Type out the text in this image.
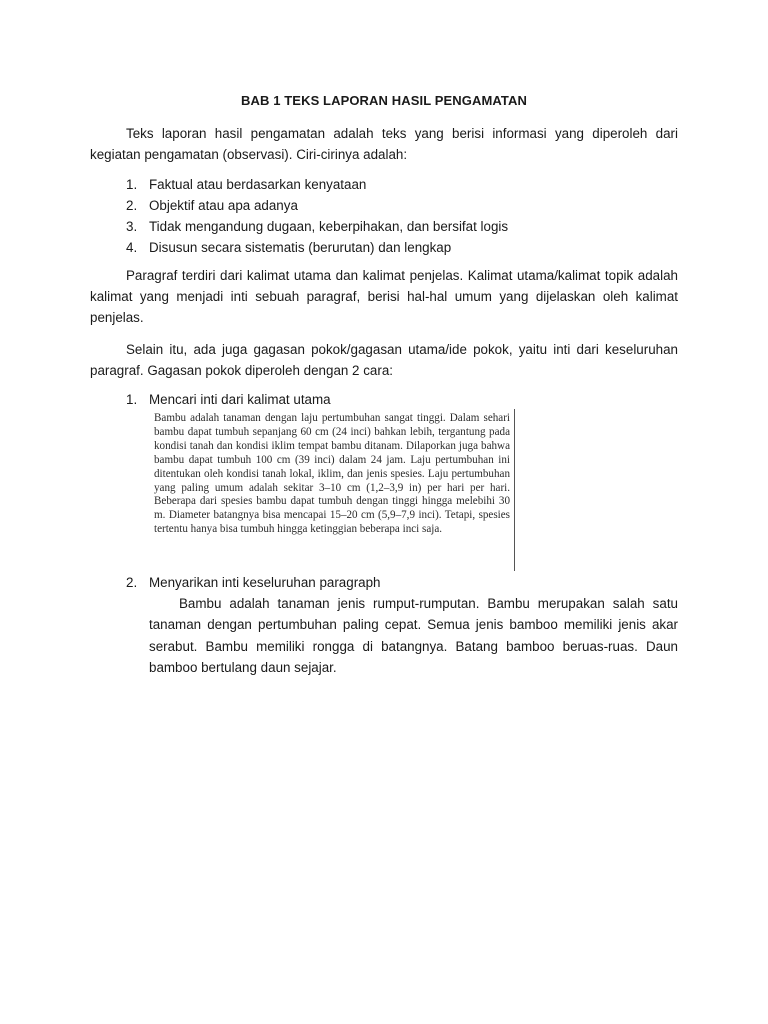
BAB 1 TEKS LAPORAN HASIL PENGAMATAN

Teks laporan hasil pengamatan adalah teks yang berisi informasi yang diperoleh dari kegiatan pengamatan (observasi). Ciri-cirinya adalah:

1. Faktual atau berdasarkan kenyataan
2. Objektif atau apa adanya
3. Tidak mengandung dugaan, keberpihakan, dan bersifat logis
4. Disusun secara sistematis (berurutan) dan lengkap

Paragraf terdiri dari kalimat utama dan kalimat penjelas. Kalimat utama/kalimat topik adalah kalimat yang menjadi inti sebuah paragraf, berisi hal-hal umum yang dijelaskan oleh kalimat penjelas.

Selain itu, ada juga gagasan pokok/gagasan utama/ide pokok, yaitu inti dari keseluruhan paragraf. Gagasan pokok diperoleh dengan 2 cara:

1. Mencari inti dari kalimat utama
Bambu adalah tanaman dengan laju pertumbuhan sangat tinggi. Dalam sehari bambu dapat tumbuh sepanjang 60 cm (24 inci) bahkan lebih, tergantung pada kondisi tanah dan kondisi iklim tempat bambu ditanam. Dilaporkan juga bahwa bambu dapat tumbuh 100 cm (39 inci) dalam 24 jam. Laju pertumbuhan ini ditentukan oleh kondisi tanah lokal, iklim, dan jenis spesies. Laju pertumbuhan yang paling umum adalah sekitar 3–10 cm (1,2–3,9 in) per hari per hari. Beberapa dari spesies bambu dapat tumbuh dengan tinggi hingga melebihi 30 m. Diameter batangnya bisa mencapai 15–20 cm (5,9–7,9 inci). Tetapi, spesies tertentu hanya bisa tumbuh hingga ketinggian beberapa inci saja.
2. Menyarikan inti keseluruhan paragraph

Bambu adalah tanaman jenis rumput-rumputan. Bambu merupakan salah satu tanaman dengan pertumbuhan paling cepat. Semua jenis bamboo memiliki jenis akar serabut. Bambu memiliki rongga di batangnya. Batang bamboo beruas-ruas. Daun bamboo bertulang daun sejajar.
